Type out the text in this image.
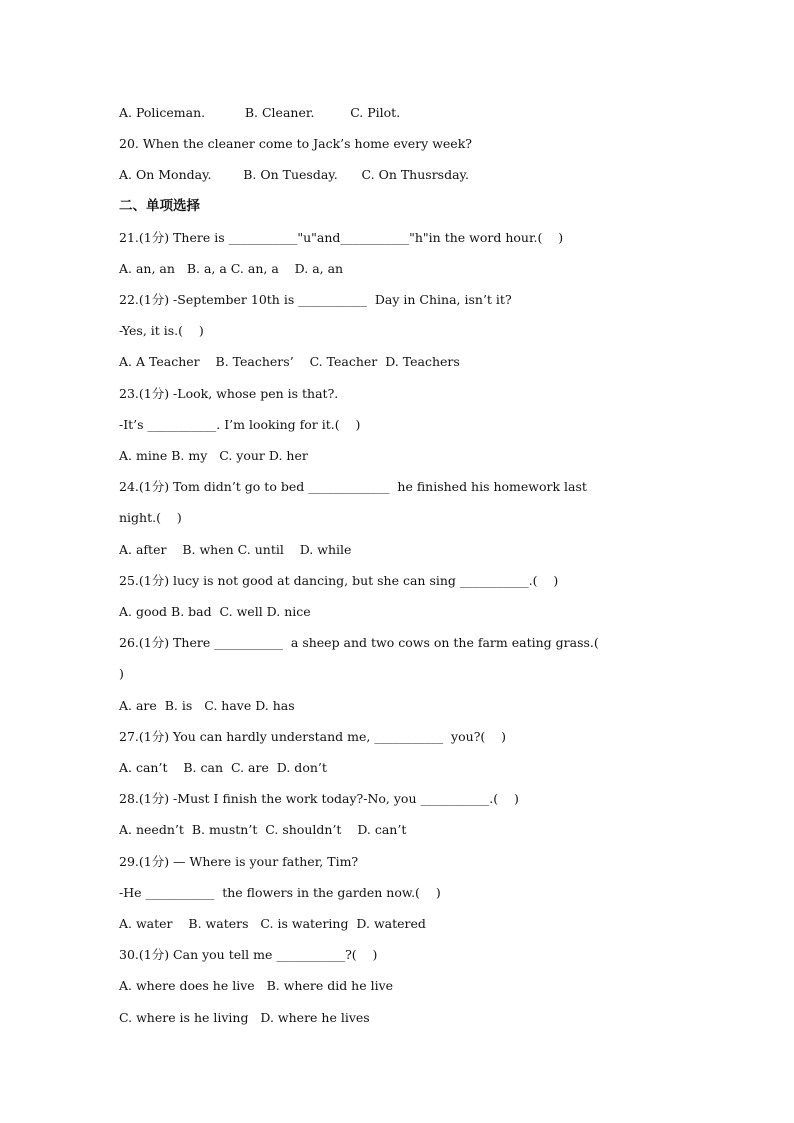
A. Policeman.          B. Cleaner.         C. Pilot.
20. When the cleaner come to Jack’s home every week?
A. On Monday.        B. On Tuesday.      C. On Thusrsday.
二、单项选择
21.(1分) There is ___________"u"and___________"h"in the word hour.(    )
A. an, an   B. a, a C. an, a    D. a, an
22.(1分) -September 10th is ___________  Day in China, isn’t it?
-Yes, it is.(    )
A. A Teacher    B. Teachers’    C. Teacher  D. Teachers
23.(1分) -Look, whose pen is that?.
-It’s ___________. I’m looking for it.(    )
A. mine B. my   C. your D. her
24.(1分) Tom didn’t go to bed _____________  he finished his homework last
night.(    )
A. after    B. when C. until    D. while
25.(1分) lucy is not good at dancing, but she can sing ___________.(    )
A. good B. bad  C. well D. nice
26.(1分) There ___________  a sheep and two cows on the farm eating grass.(
)
A. are  B. is   C. have D. has
27.(1分) You can hardly understand me, ___________  you?(    )
A. can’t    B. can  C. are  D. don’t
28.(1分) -Must I finish the work today?-No, you ___________.(    )
A. needn’t  B. mustn’t  C. shouldn’t    D. can’t
29.(1分) — Where is your father, Tim?
-He ___________  the flowers in the garden now.(    )
A. water    B. waters   C. is watering  D. watered
30.(1分) Can you tell me ___________?(    )
A. where does he live   B. where did he live
C. where is he living   D. where he lives
